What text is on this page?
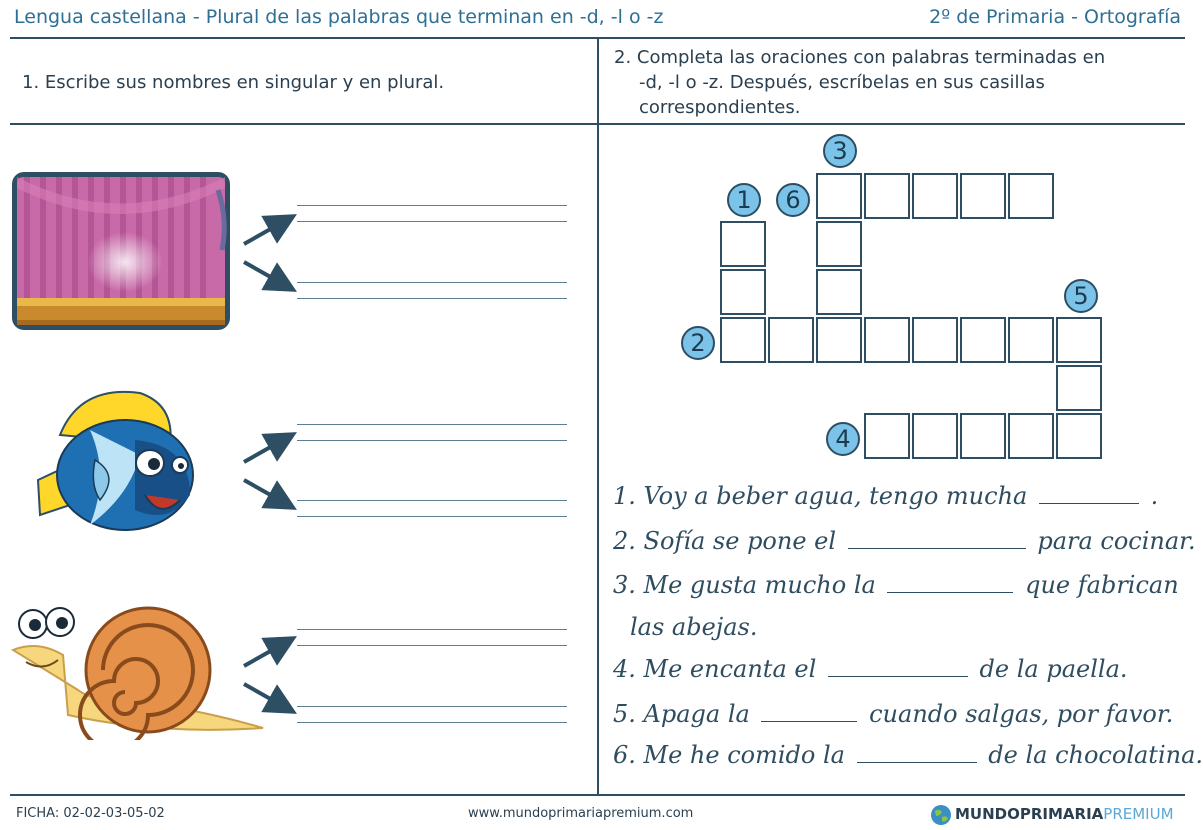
Lengua castellana - Plural de las palabras que terminan en -d, -l o -z	2º de Primaria - Ortografía
1. Escribe sus nombres en singular y en plural.
2. Completa las oraciones con palabras terminadas en
-d, -l o -z. Después, escríbelas en sus casillas
correspondientes.
1
2
3
4
5
6
1. Voy a beber agua, tengo mucha	.
2. Sofía se pone el	para cocinar.
3. Me gusta mucho la	que fabrican
las abejas.
4. Me encanta el	de la paella.
5. Apaga la	cuando salgas, por favor.
6. Me he comido la	de la chocolatina.
FICHA: 02-02-03-05-02	www.mundoprimariapremium.com	MUNDOPRIMARIAPREMIUM
